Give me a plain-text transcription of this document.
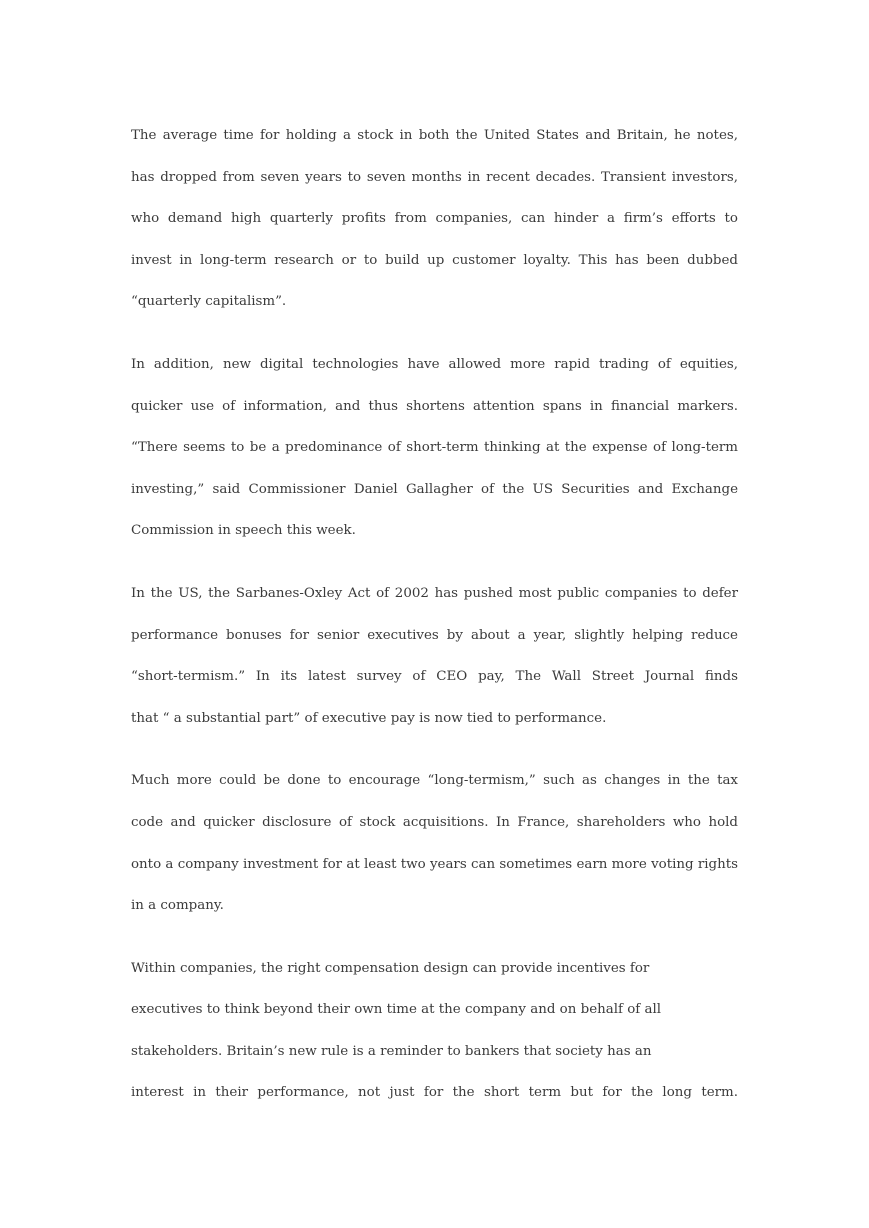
The average time for holding a stock in both the United States and Britain, he notes,
has dropped from seven years to seven months in recent decades. Transient investors,
who demand high quarterly profits from companies, can hinder a firm’s efforts to
invest in long-term research or to build up customer loyalty. This has been dubbed
“quarterly capitalism”.
In addition, new digital technologies have allowed more rapid trading of equities,
quicker use of information, and thus shortens attention spans in financial markers.
“There seems to be a predominance of short-term thinking at the expense of long-term
investing,” said Commissioner Daniel Gallagher of the US Securities and Exchange
Commission in speech this week.
In the US, the Sarbanes-Oxley Act of 2002 has pushed most public companies to defer
performance bonuses for senior executives by about a year, slightly helping reduce
“short-termism.” In its latest survey of CEO pay, The Wall Street Journal finds
that “ a substantial part” of executive pay is now tied to performance.
Much more could be done to encourage “long-termism,” such as changes in the tax
code and quicker disclosure of stock acquisitions. In France, shareholders who hold
onto a company investment for at least two years can sometimes earn more voting rights
in a company.
Within companies, the right compensation design can provide incentives for
executives to think beyond their own time at the company and on behalf of all
stakeholders. Britain’s new rule is a reminder to bankers that society has an
interest in their performance, not just for the short term but for the long term.
